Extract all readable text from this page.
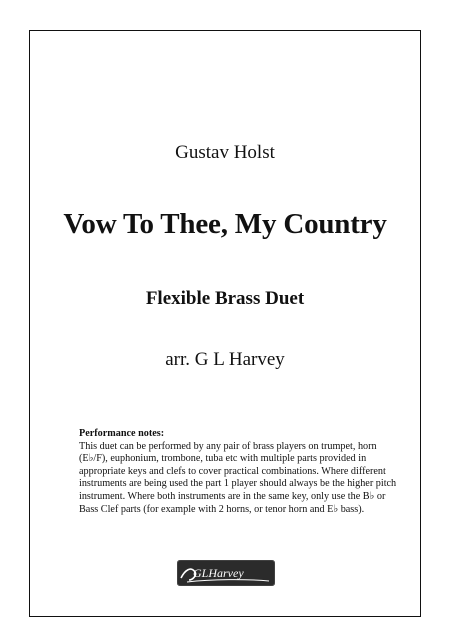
Gustav Holst
Vow To Thee, My Country
Flexible Brass Duet
arr. G L Harvey
Performance notes:
This duet can be performed by any pair of brass players on trumpet, horn (E♭/F), euphonium, trombone, tuba etc with multiple parts provided in appropriate keys and clefs to cover practical combinations. Where different instruments are being used the part 1 player should always be the higher pitch instrument. Where both instruments are in the same key, only use the B♭ or Bass Clef parts (for example with 2 horns, or tenor horn and E♭ bass).
GLHarvey
